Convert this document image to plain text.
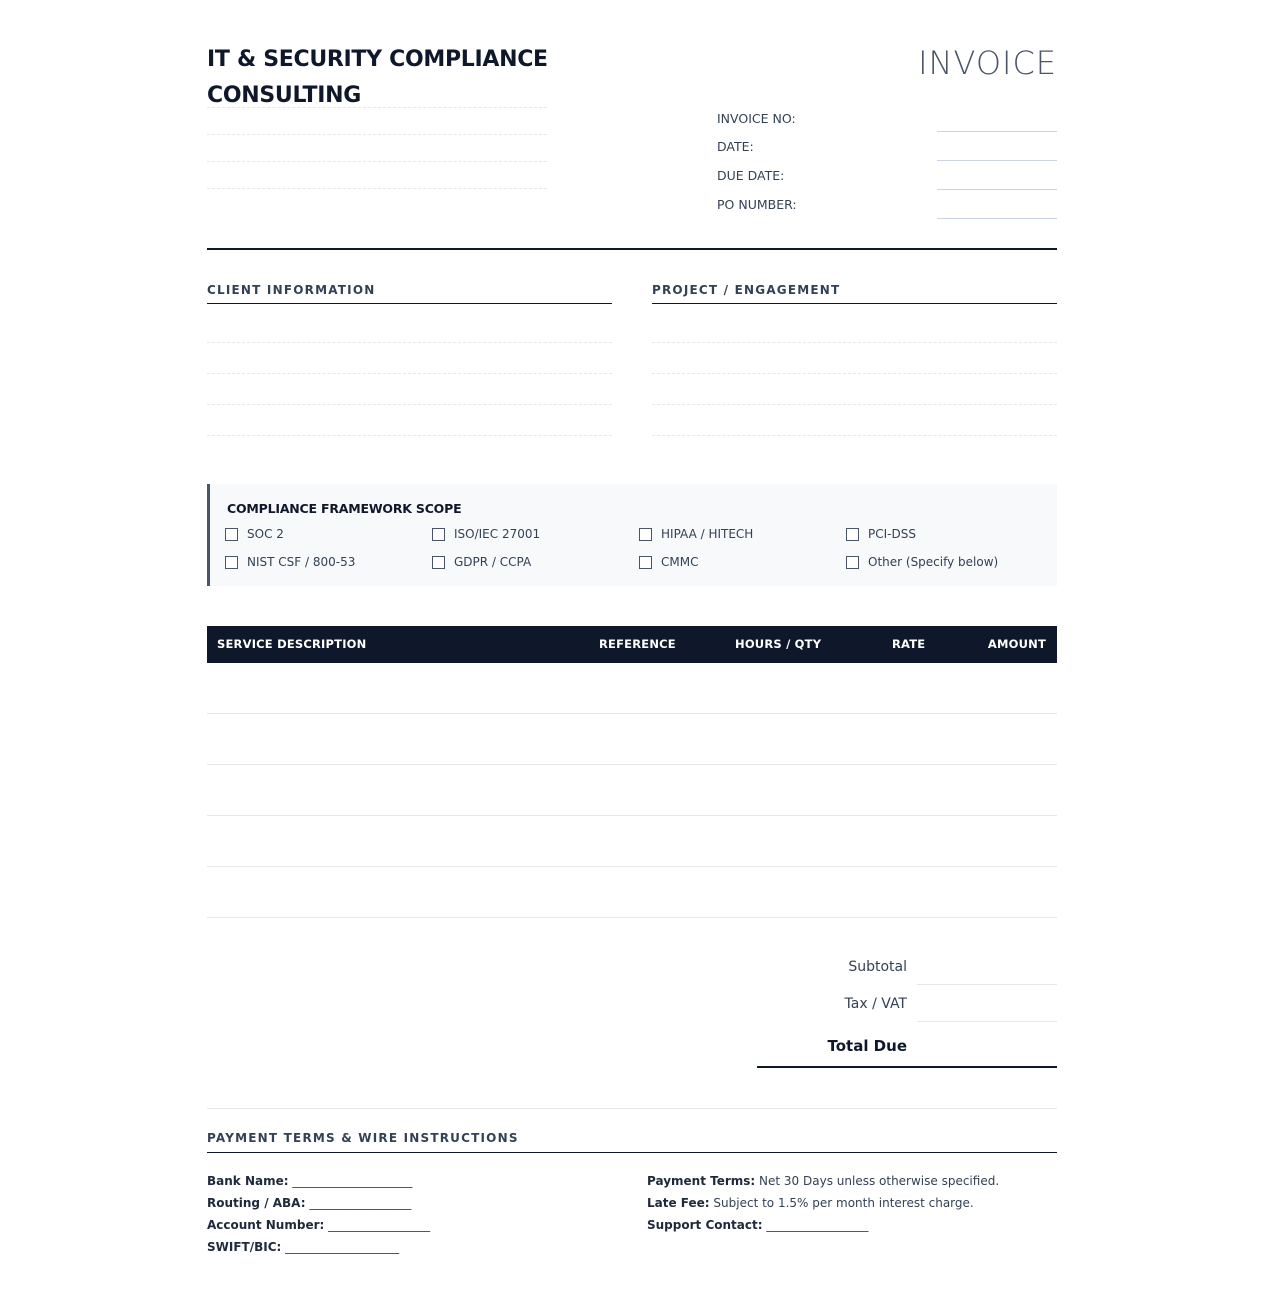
IT & SECURITY COMPLIANCE CONSULTING
INVOICE
INVOICE NO:
DATE:
DUE DATE:
PO NUMBER:
CLIENT INFORMATION	PROJECT / ENGAGEMENT
COMPLIANCE FRAMEWORK SCOPE
SOC 2	ISO/IEC 27001	HIPAA / HITECH	PCI-DSS
NIST CSF / 800-53	GDPR / CCPA	CMMC	Other (Specify below)
SERVICE DESCRIPTION	REFERENCE	HOURS / QTY	RATE	AMOUNT
Subtotal
Tax / VAT
Total Due
PAYMENT TERMS & WIRE INSTRUCTIONS
Bank Name: ____________________
Routing / ABA: _________________
Account Number: _________________
SWIFT/BIC: ___________________
Payment Terms: Net 30 Days unless otherwise specified.
Late Fee: Subject to 1.5% per month interest charge.
Support Contact: _________________
